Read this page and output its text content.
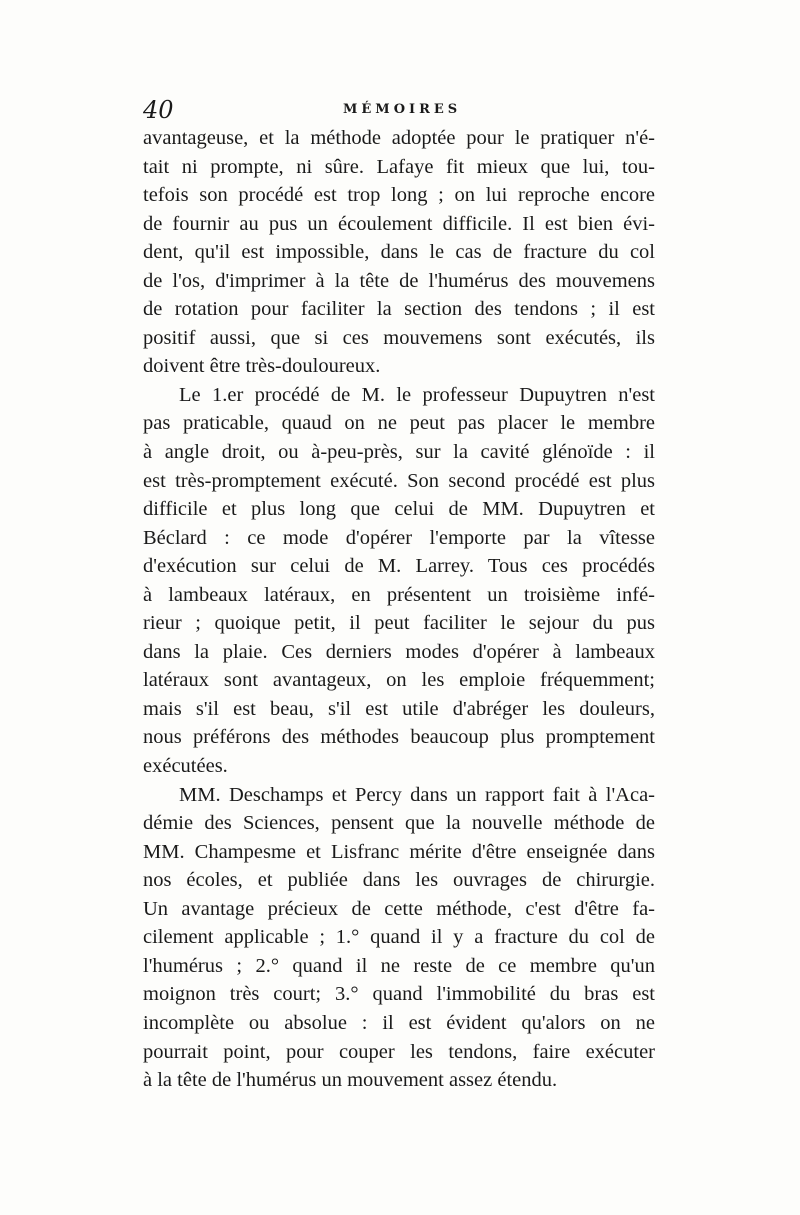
40	MÉMOIRES
avantageuse, et la méthode adoptée pour le pratiquer n'é-
tait ni prompte, ni sûre. Lafaye fit mieux que lui, tou-
tefois son procédé est trop long ; on lui reproche encore
de fournir au pus un écoulement difficile. Il est bien évi-
dent, qu'il est impossible, dans le cas de fracture du col
de l'os, d'imprimer à la tête de l'humérus des mouvemens
de rotation pour faciliter la section des tendons ; il est
positif aussi, que si ces mouvemens sont exécutés, ils
doivent être très-douloureux.
Le 1.er procédé de M. le professeur Dupuytren n'est
pas praticable, quaud on ne peut pas placer le membre
à angle droit, ou à-peu-près, sur la cavité glénoïde : il
est très-promptement exécuté. Son second procédé est plus
difficile et plus long que celui de MM. Dupuytren et
Béclard : ce mode d'opérer l'emporte par la vîtesse
d'exécution sur celui de M. Larrey. Tous ces procédés
à lambeaux latéraux, en présentent un troisième infé-
rieur ; quoique petit, il peut faciliter le sejour du pus
dans la plaie. Ces derniers modes d'opérer à lambeaux
latéraux sont avantageux, on les emploie fréquemment;
mais s'il est beau, s'il est utile d'abréger les douleurs,
nous préférons des méthodes beaucoup plus promptement
exécutées.
MM. Deschamps et Percy dans un rapport fait à l'Aca-
démie des Sciences, pensent que la nouvelle méthode de
MM. Champesme et Lisfranc mérite d'être enseignée dans
nos écoles, et publiée dans les ouvrages de chirurgie.
Un avantage précieux de cette méthode, c'est d'être fa-
cilement applicable ; 1.° quand il y a fracture du col de
l'humérus ; 2.° quand il ne reste de ce membre qu'un
moignon très court; 3.° quand l'immobilité du bras est
incomplète ou absolue : il est évident qu'alors on ne
pourrait point, pour couper les tendons, faire exécuter
à la tête de l'humérus un mouvement assez étendu.
